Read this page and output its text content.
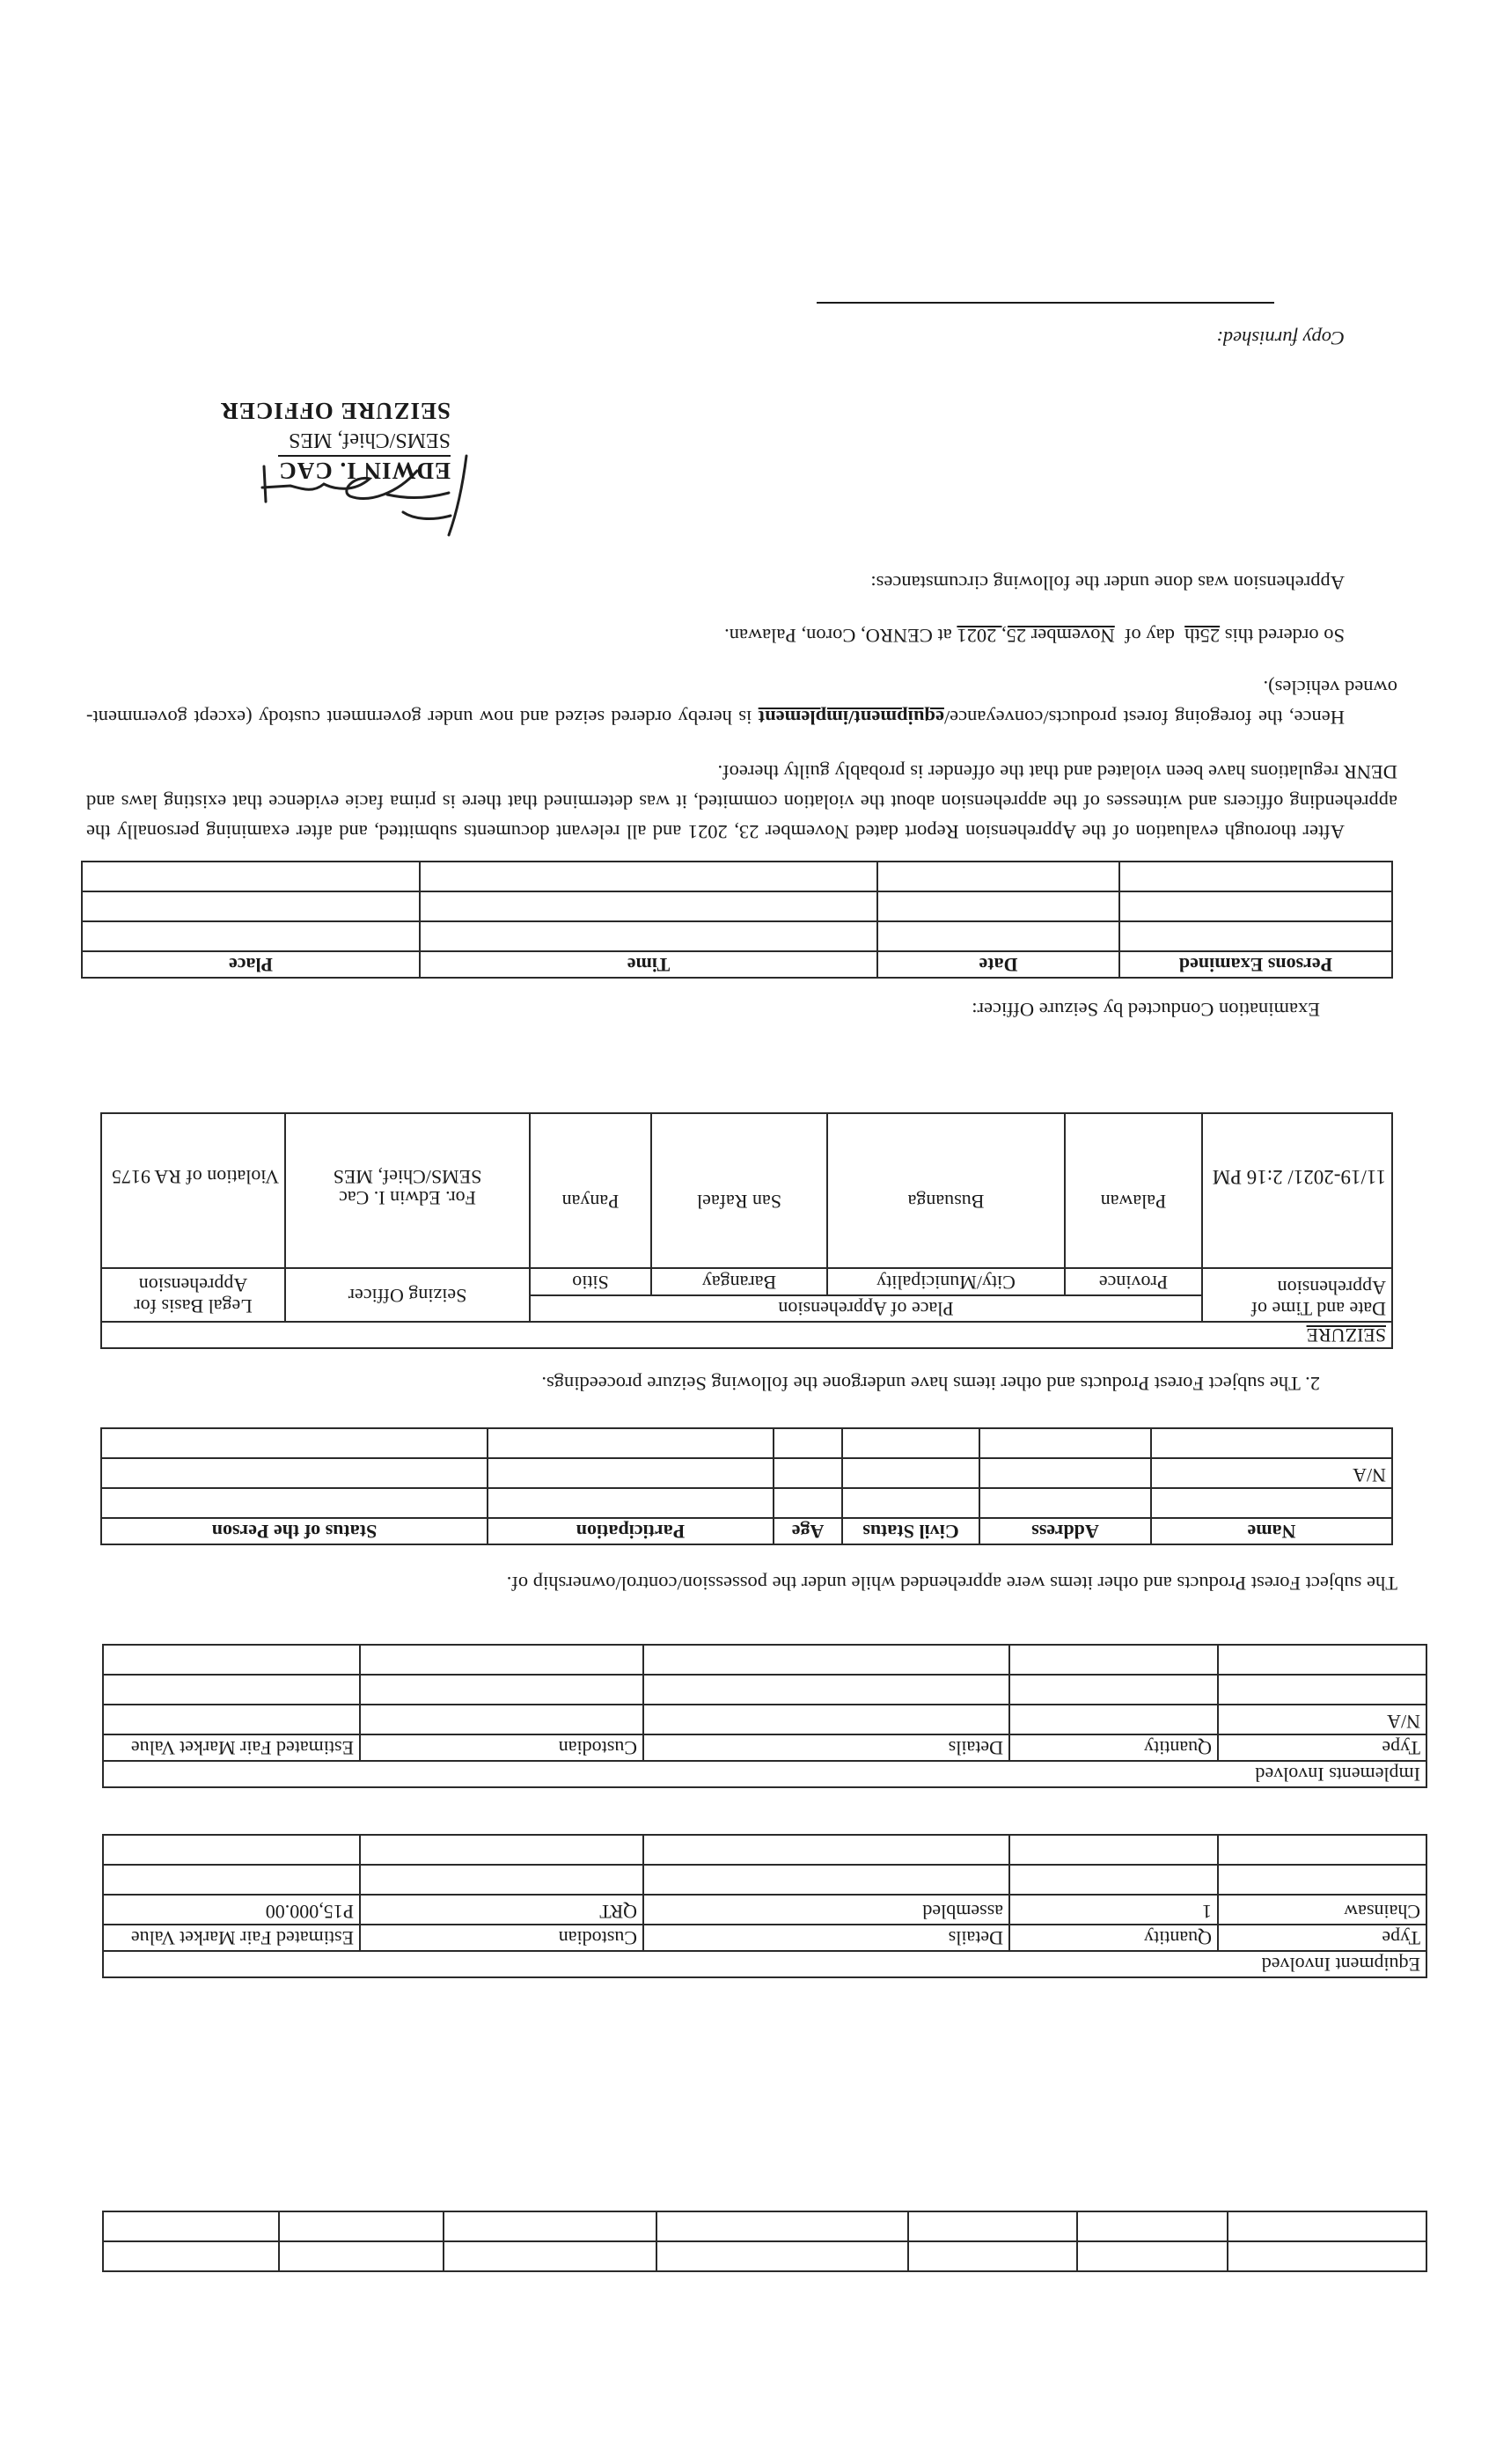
Equipment Involved				
Type	Quantity	Details	Custodian	Estimated Fair Market Value
Chainsaw	1	assembled	QRT	P15,000.00

Implements Involved				
Type	Quantity	Details	Custodian	Estimated Fair Market Value
N/A				

The subject Forest Products and other items were apprehended while under the possession/control/ownership of.
Name	Address	Civil Status	Age	Participation	Status of the Person

N/A					

2. The subject Forest Products and other items have undergone the following Seizure proceedings.
SEIZURE						
Date and Time of Apprehension	Place of Apprehension				Seizing Officer	Legal Basis for Apprehension
	Province	City/Municipality	Barangay	Sitio		
11/19-2021/ 2:16 PM	Palawan	Busuanga	San Rafael	Panyan	For. Edwin I. Cac SEMS/Chief, MES	Violation of RA 9175
Examination Conducted by Seizure Officer:
Persons Examined	Date	Time	Place

After thorough evaluation of the Apprehension Report dated November 23, 2021 and all relevant documents submitted, and after examining personally the apprehending officers and witnesses of the apprehension about the violation commited, it was determined that there is prima facie evidence that existing laws and DENR regulations have been violated and that the offender is probably guilty thereof.

Hence, the foregoing forest products/conveyance/equipment/implement is hereby ordered seized and now under government custody (except government-owned vehicles).

So ordered this 25th  day of  November 25, 2021 at CENRO, Coron, Palawan.
Apprehension was done under the following circumstances:
EDWIN I. CAC
SEMS/Chief, MES
SEIZURE OFFICER
Copy furnished:
